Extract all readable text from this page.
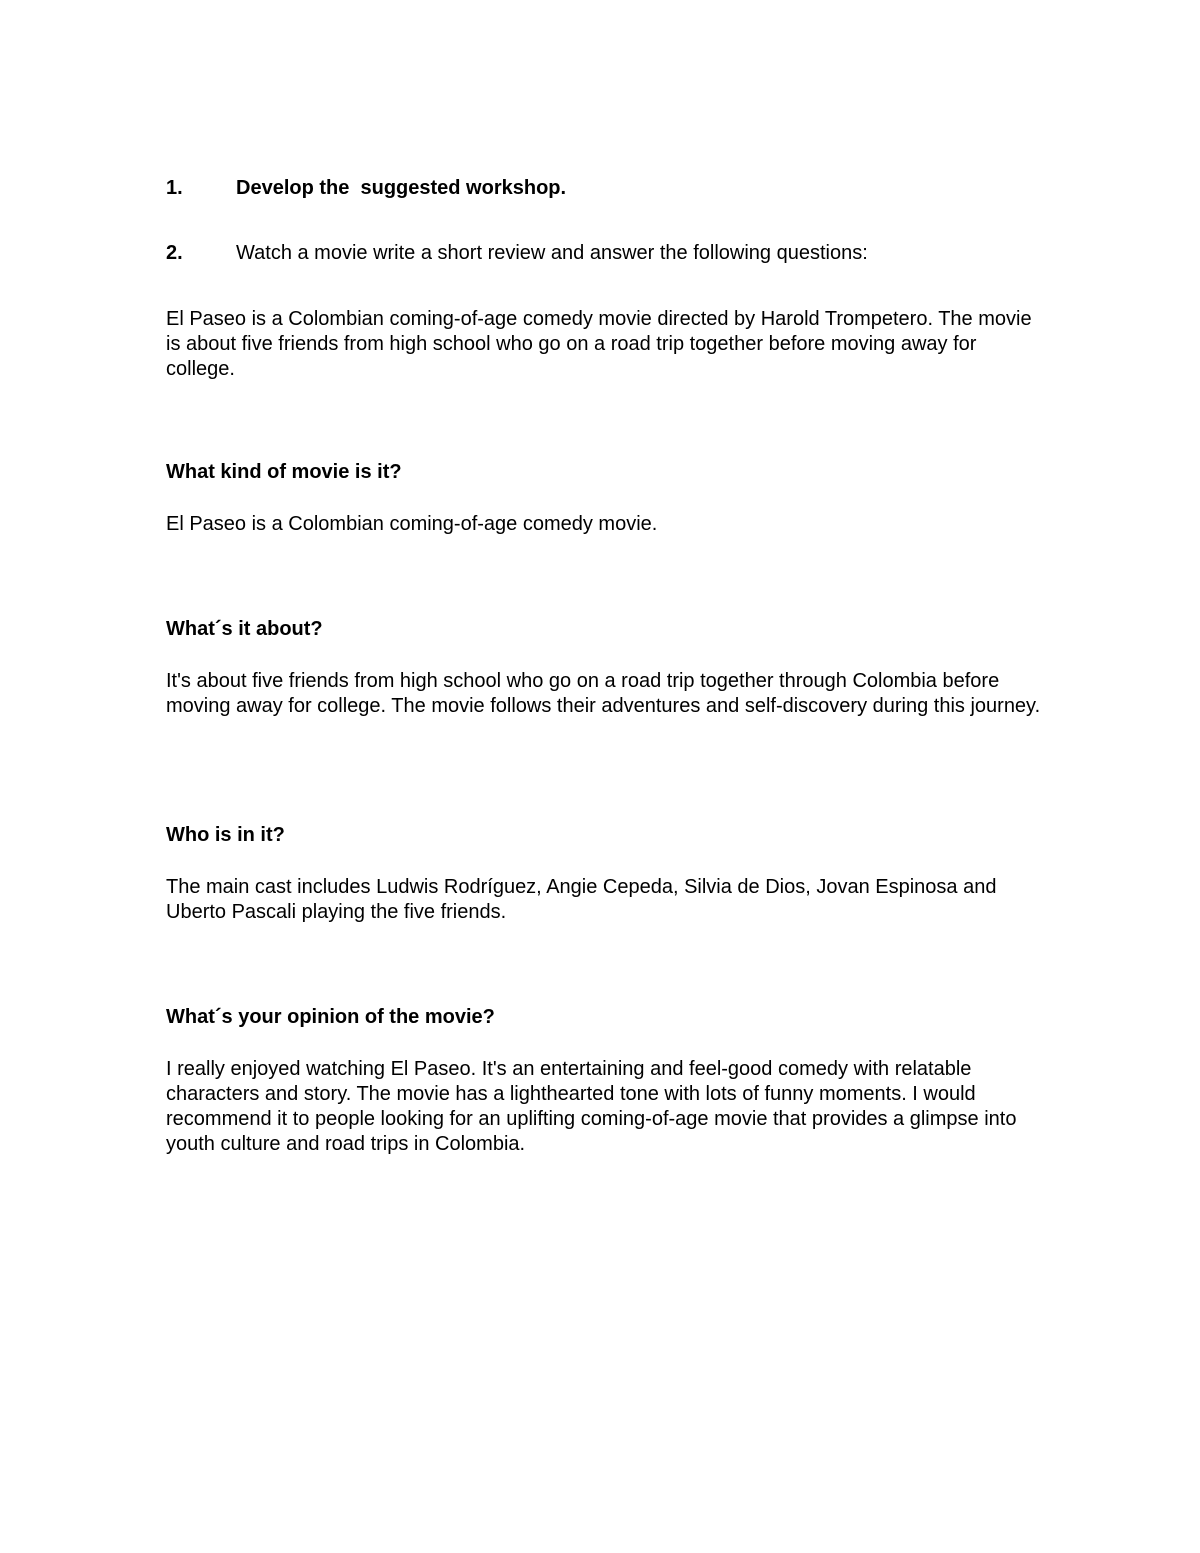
1.	Develop the  suggested workshop.
2.	Watch a movie write a short review and answer the following questions:

El Paseo is a Colombian coming-of-age comedy movie directed by Harold Trompetero. The movie is about five friends from high school who go on a road trip together before moving away for college.

What kind of movie is it?

El Paseo is a Colombian coming-of-age comedy movie.

What´s it about?

It's about five friends from high school who go on a road trip together through Colombia before moving away for college. The movie follows their adventures and self-discovery during this journey.

Who is in it?

The main cast includes Ludwis Rodríguez, Angie Cepeda, Silvia de Dios, Jovan Espinosa and Uberto Pascali playing the five friends.

What´s your opinion of the movie?

I really enjoyed watching El Paseo. It's an entertaining and feel-good comedy with relatable characters and story. The movie has a lighthearted tone with lots of funny moments. I would recommend it to people looking for an uplifting coming-of-age movie that provides a glimpse into youth culture and road trips in Colombia.
